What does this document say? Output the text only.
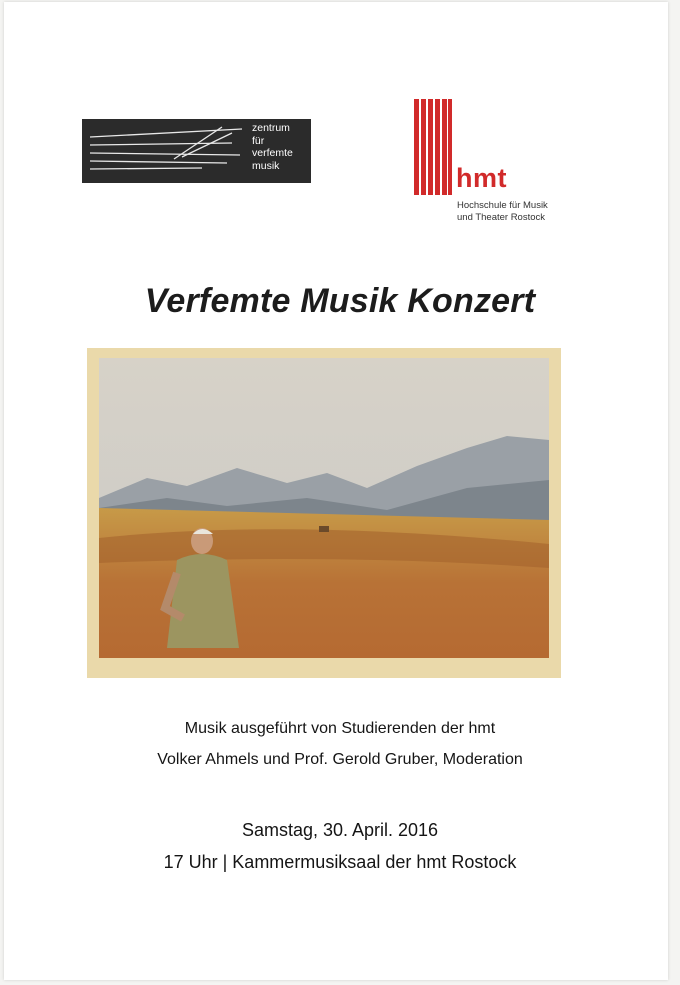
zentrum
für
verfemte
musik	hmt
Hochschule für Musik
und Theater Rostock
Verfemte Musik Konzert
Musik ausgeführt von Studierenden der hmt
Volker Ahmels und Prof. Gerold Gruber, Moderation
Samstag, 30. April. 2016
17 Uhr | Kammermusiksaal der hmt Rostock
